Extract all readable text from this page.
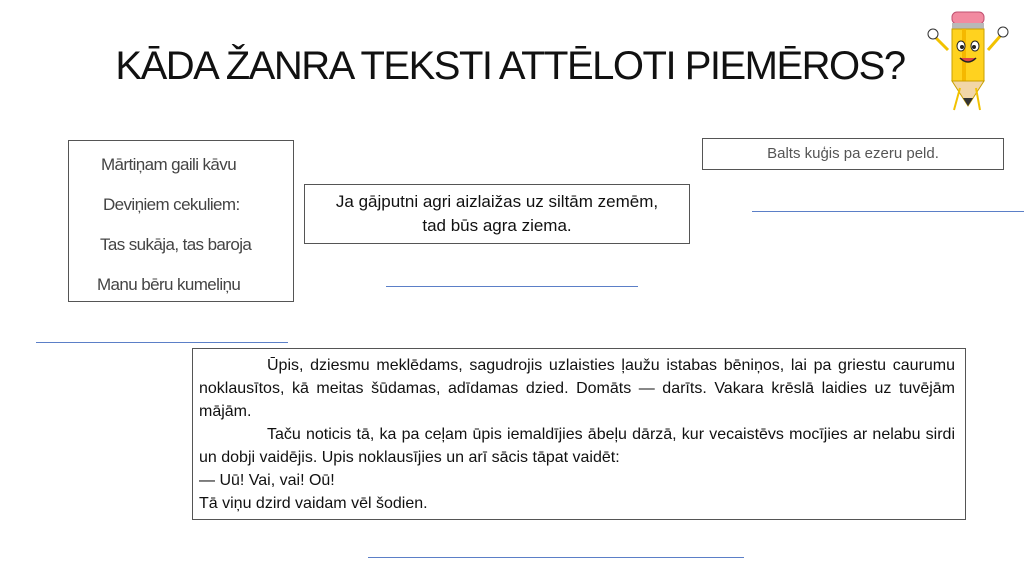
KĀDA ŽANRA TEKSTI ATTĒLOTI PIEMĒROS?
Mārtiņam gaili kāvu
Deviņiem cekuliem:
Tas sukāja, tas baroja
Manu bēru kumeliņu
Ja gājputni agri aizlaižas uz siltām zemēm,
tad būs agra ziema.
Balts kuģis pa ezeru peld.

Ūpis, dziesmu meklēdams, sagudrojis uzlaisties ļaužu istabas bēniņos, lai pa griestu caurumu noklausītos, kā meitas šūdamas, adīdamas dzied. Domāts — darīts. Vakara krēslā laidies uz tuvējām mājām.

Taču noticis tā, ka pa ceļam ūpis iemaldījies ābeļu dārzā, kur vecaistēvs mocījies ar nelabu sirdi un dobji vaidējis. Upis noklausījies un arī sācis tāpat vaidēt:

— Uū! Vai, vai! Oū!

Tā viņu dzird vaidam vēl šodien.
